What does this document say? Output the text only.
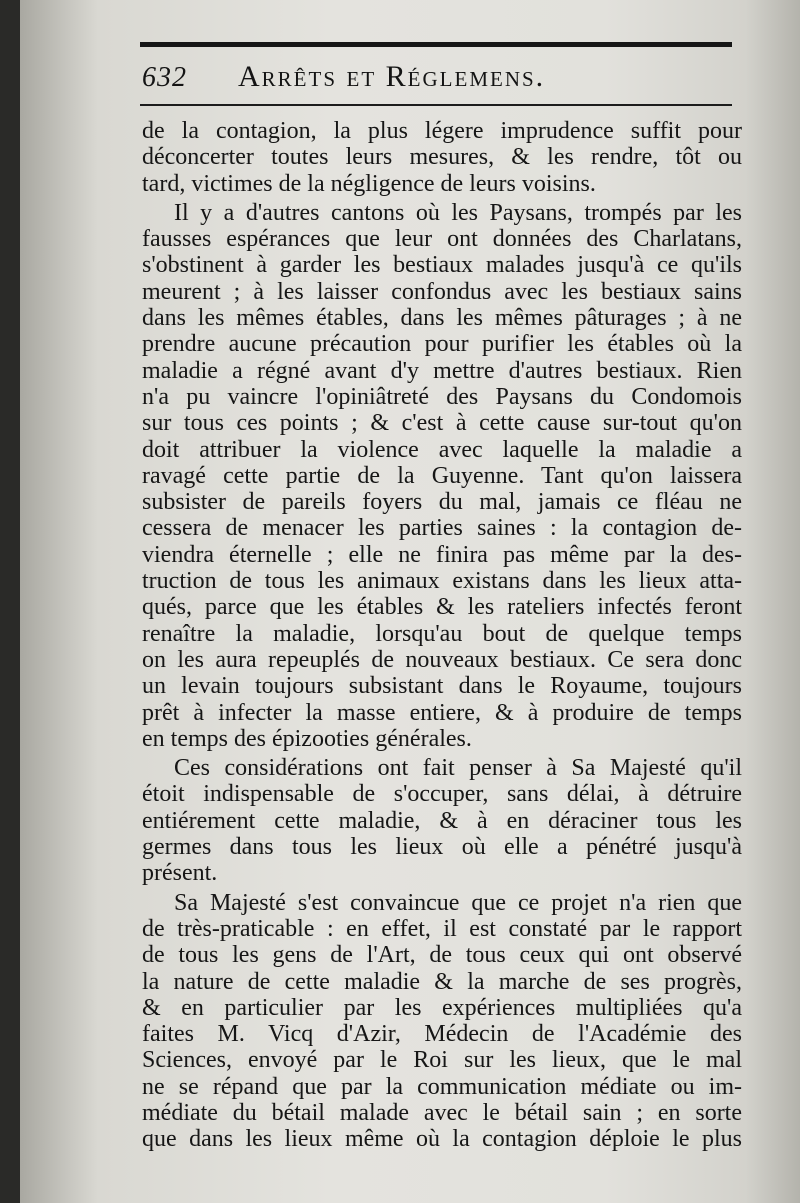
632 Arrêts et Réglemens.
de la contagion, la plus légere imprudence suffit pour
déconcerter toutes leurs mesures, & les rendre, tôt ou
tard, victimes de la négligence de leurs voisins.
Il y a d'autres cantons où les Paysans, trompés par les
fausses espérances que leur ont données des Charlatans,
s'obstinent à garder les bestiaux malades jusqu'à ce qu'ils
meurent ; à les laisser confondus avec les bestiaux sains
dans les mêmes étables, dans les mêmes pâturages ; à ne
prendre aucune précaution pour purifier les étables où la
maladie a régné avant d'y mettre d'autres bestiaux. Rien
n'a pu vaincre l'opiniâtreté des Paysans du Condomois
sur tous ces points ; & c'est à cette cause sur-tout qu'on
doit attribuer la violence avec laquelle la maladie a
ravagé cette partie de la Guyenne. Tant qu'on laissera
subsister de pareils foyers du mal, jamais ce fléau ne
cessera de menacer les parties saines : la contagion de-
viendra éternelle ; elle ne finira pas même par la des-
truction de tous les animaux existans dans les lieux atta-
qués, parce que les étables & les rateliers infectés feront
renaître la maladie, lorsqu'au bout de quelque temps
on les aura repeuplés de nouveaux bestiaux. Ce sera donc
un levain toujours subsistant dans le Royaume, toujours
prêt à infecter la masse entiere, & à produire de temps
en temps des épizooties générales.
Ces considérations ont fait penser à Sa Majesté qu'il
étoit indispensable de s'occuper, sans délai, à détruire
entiérement cette maladie, & à en déraciner tous les
germes dans tous les lieux où elle a pénétré jusqu'à
présent.
Sa Majesté s'est convaincue que ce projet n'a rien que
de très-praticable : en effet, il est constaté par le rapport
de tous les gens de l'Art, de tous ceux qui ont observé
la nature de cette maladie & la marche de ses progrès,
& en particulier par les expériences multipliées qu'a
faites M. Vicq d'Azir, Médecin de l'Académie des
Sciences, envoyé par le Roi sur les lieux, que le mal
ne se répand que par la communication médiate ou im-
médiate du bétail malade avec le bétail sain ; en sorte
que dans les lieux même où la contagion déploie le plus
